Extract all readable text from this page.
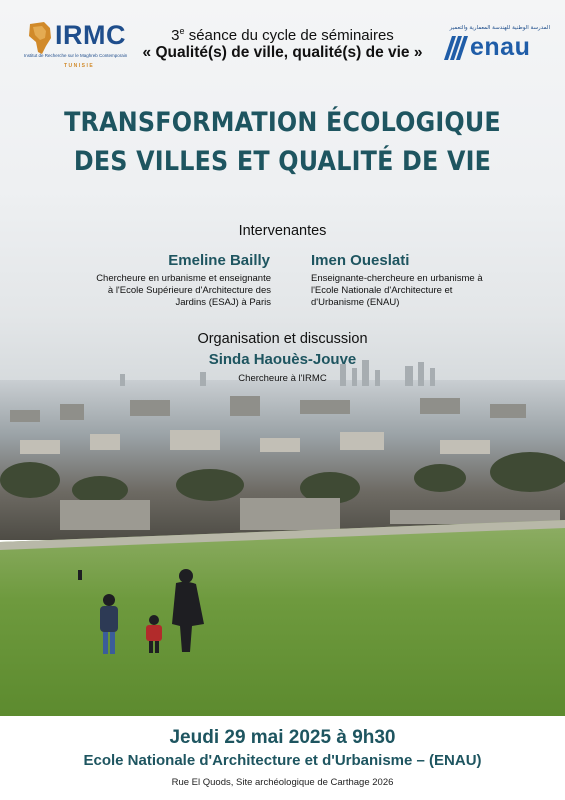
IRMC
Institut de Recherche sur le Maghreb Contemporain
TUNISIE
3e séance du cycle de séminaires
« Qualité(s) de ville, qualité(s) de vie »
المدرسة الوطنية للهندسة المعمارية والتعمير
enau
TRANSFORMATION ÉCOLOGIQUE
DES VILLES ET QUALITÉ DE VIE
Intervenantes
Emeline Bailly
Chercheure en urbanisme et enseignante
à l'Ecole Supérieure d'Architecture des
Jardins (ESAJ) à Paris
Imen Oueslati
Enseignante-chercheure en urbanisme à
l'Ecole Nationale d'Architecture et
d'Urbanisme (ENAU)
Organisation et discussion
Sinda Haouès-Jouve
Chercheure à l'IRMC
Jeudi 29 mai 2025 à 9h30
Ecole Nationale d'Architecture et d'Urbanisme – (ENAU)
Rue El Quods, Site archéologique de Carthage 2026
